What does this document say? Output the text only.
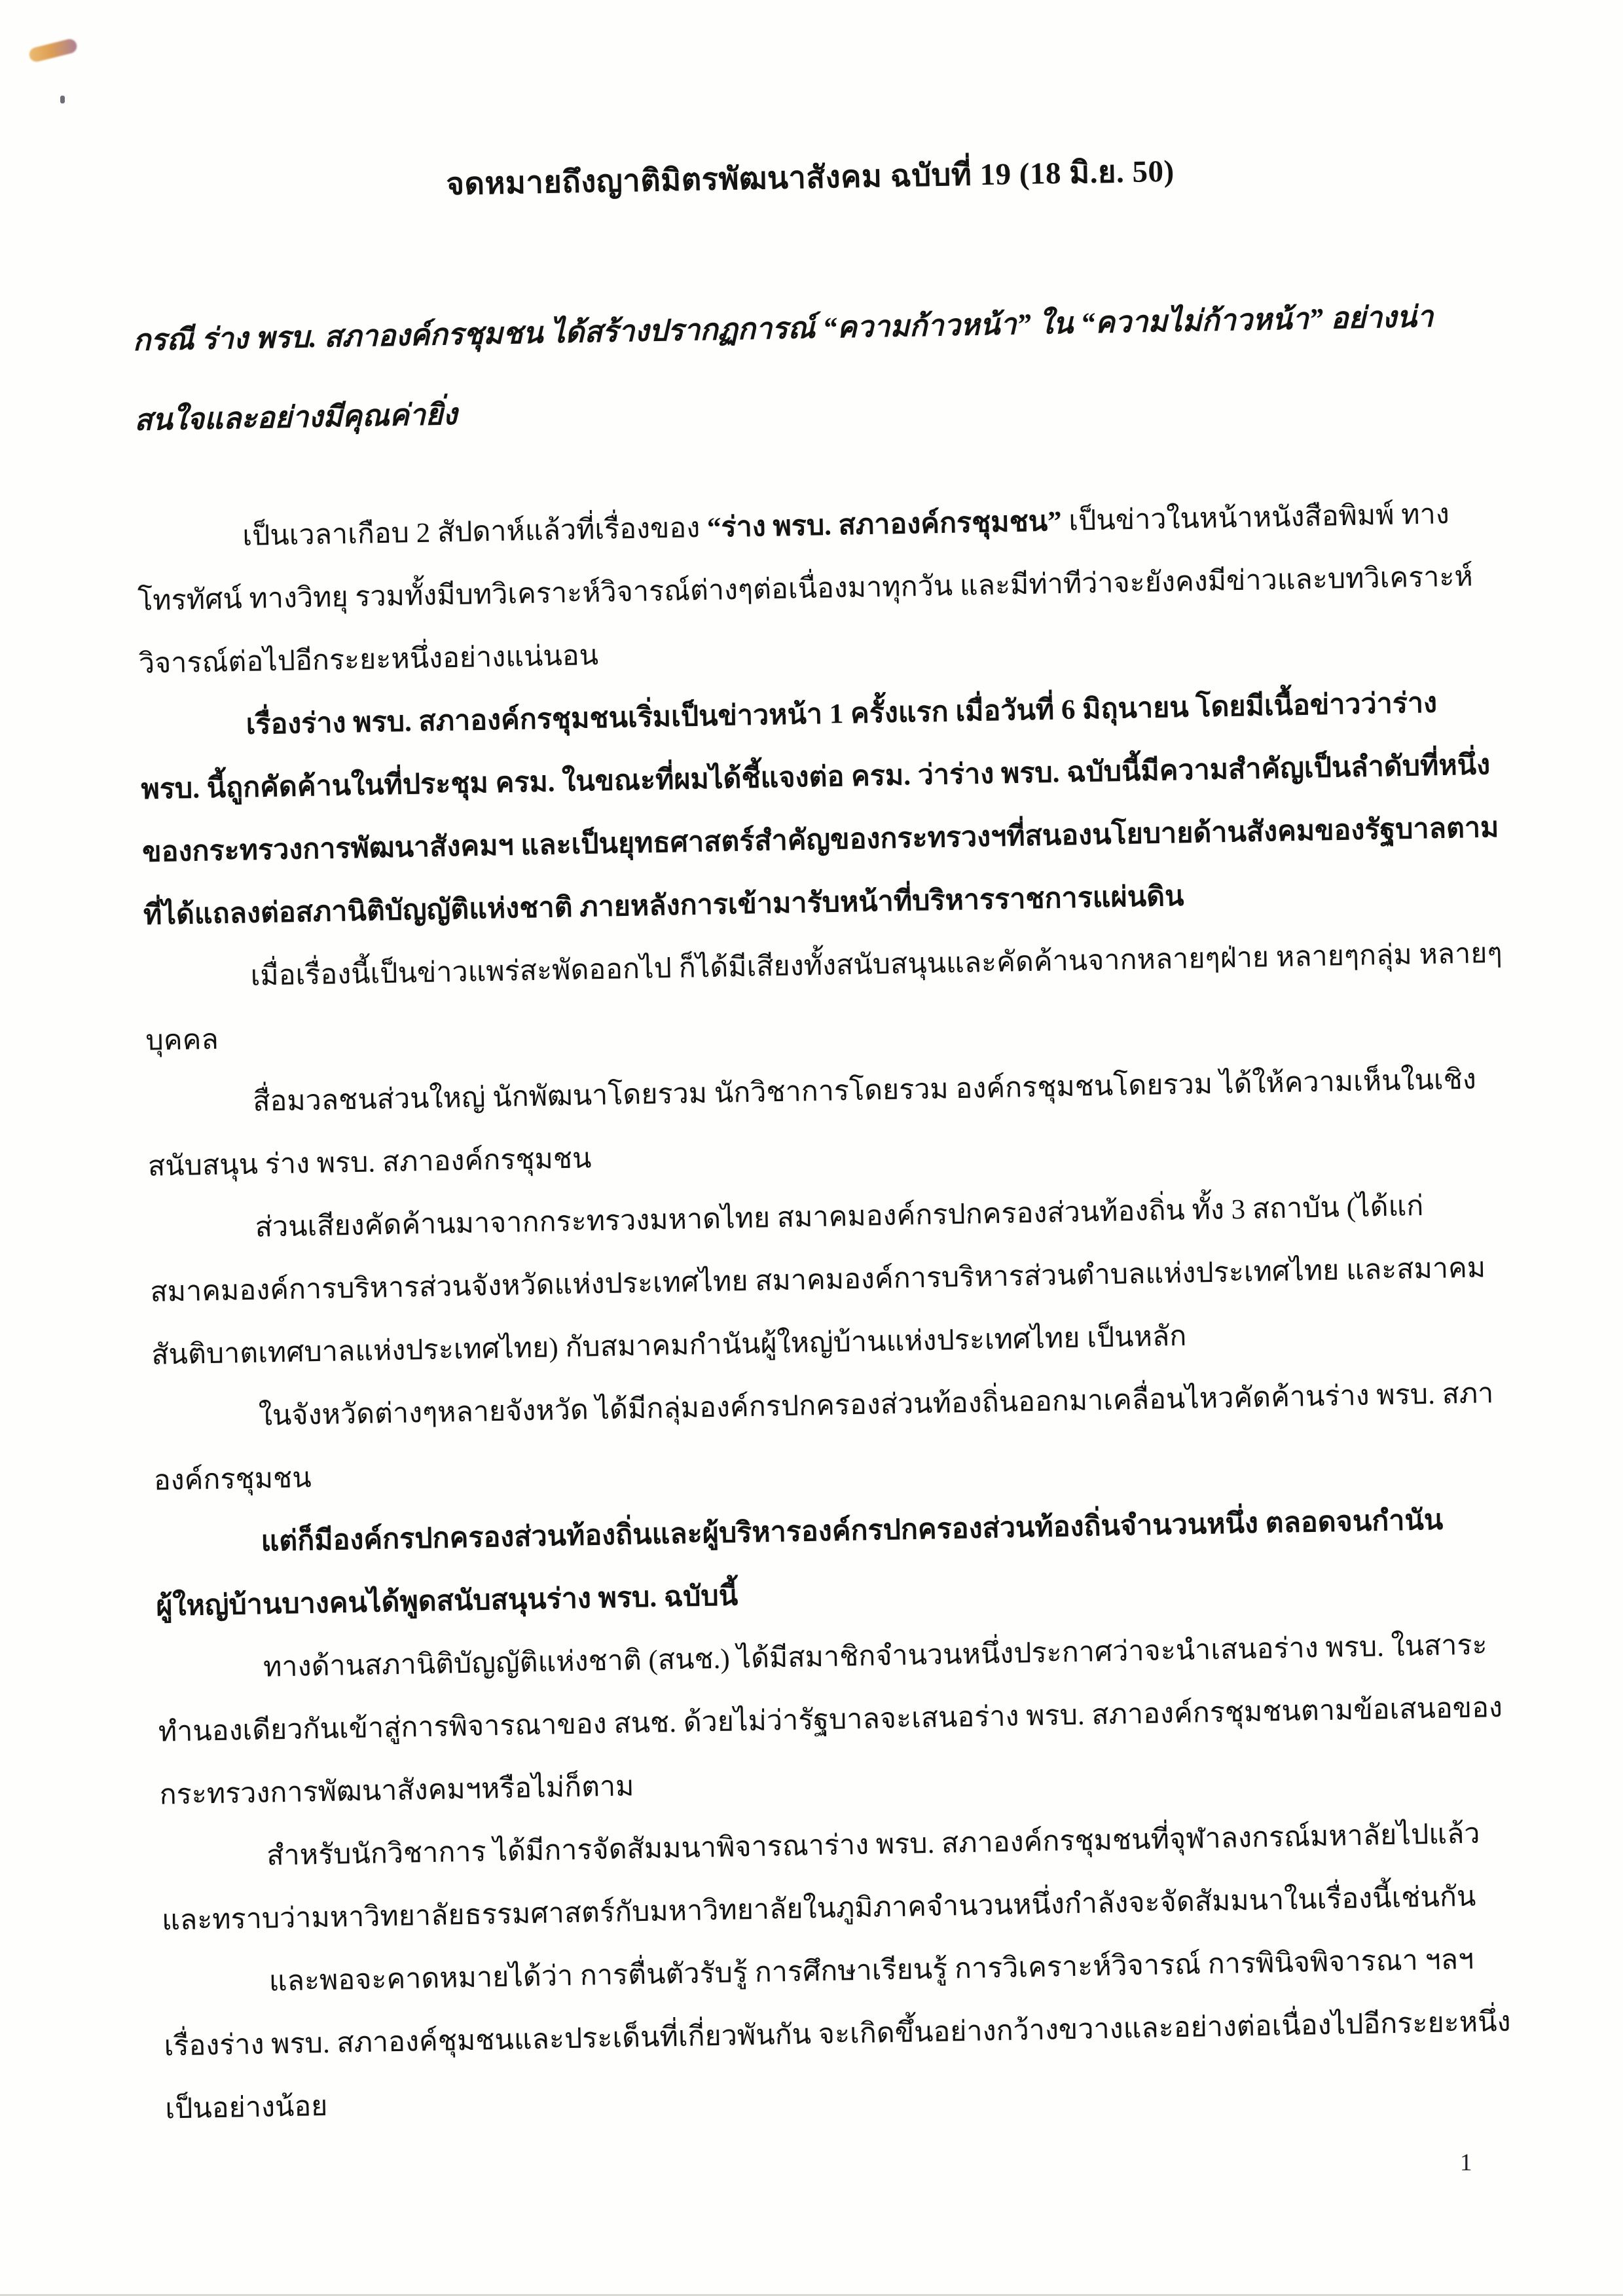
จดหมายถึงญาติมิตรพัฒนาสังคม ฉบับที่ 19 (18 มิ.ย. 50)

กรณี ร่าง พรบ. สภาองค์กรชุมชน ได้สร้างปรากฏการณ์ “ความก้าวหน้า” ใน “ความไม่ก้าวหน้า” อย่างน่าสนใจและอย่างมีคุณค่ายิ่ง

เป็นเวลาเกือบ 2 สัปดาห์แล้วที่เรื่องของ “ร่าง พรบ. สภาองค์กรชุมชน” เป็นข่าวในหน้าหนังสือพิมพ์ ทางโทรทัศน์ ทางวิทยุ รวมทั้งมีบทวิเคราะห์วิจารณ์ต่างๆต่อเนื่องมาทุกวัน และมีท่าทีว่าจะยังคงมีข่าวและบทวิเคราะห์วิจารณ์ต่อไปอีกระยะหนึ่งอย่างแน่นอน

เรื่องร่าง พรบ. สภาองค์กรชุมชนเริ่มเป็นข่าวหน้า 1 ครั้งแรก เมื่อวันที่ 6 มิถุนายน โดยมีเนื้อข่าวว่าร่าง พรบ. นี้ถูกคัดค้านในที่ประชุม ครม. ในขณะที่ผมได้ชี้แจงต่อ ครม. ว่าร่าง พรบ. ฉบับนี้มีความสำคัญเป็นลำดับที่หนึ่งของกระทรวงการพัฒนาสังคมฯ และเป็นยุทธศาสตร์สำคัญของกระทรวงฯที่สนองนโยบายด้านสังคมของรัฐบาลตามที่ได้แถลงต่อสภานิติบัญญัติแห่งชาติ ภายหลังการเข้ามารับหน้าที่บริหารราชการแผ่นดิน

เมื่อเรื่องนี้เป็นข่าวแพร่สะพัดออกไป ก็ได้มีเสียงทั้งสนับสนุนและคัดค้านจากหลายๆฝ่าย หลายๆกลุ่ม หลายๆบุคคล

สื่อมวลชนส่วนใหญ่ นักพัฒนาโดยรวม นักวิชาการโดยรวม องค์กรชุมชนโดยรวม ได้ให้ความเห็นในเชิงสนับสนุน ร่าง พรบ. สภาองค์กรชุมชน

ส่วนเสียงคัดค้านมาจากกระทรวงมหาดไทย สมาคมองค์กรปกครองส่วนท้องถิ่น ทั้ง 3 สถาบัน (ได้แก่ สมาคมองค์การบริหารส่วนจังหวัดแห่งประเทศไทย สมาคมองค์การบริหารส่วนตำบลแห่งประเทศไทย และสมาคมสันติบาตเทศบาลแห่งประเทศไทย) กับสมาคมกำนันผู้ใหญ่บ้านแห่งประเทศไทย เป็นหลัก

ในจังหวัดต่างๆหลายจังหวัด ได้มีกลุ่มองค์กรปกครองส่วนท้องถิ่นออกมาเคลื่อนไหวคัดค้านร่าง พรบ. สภาองค์กรชุมชน

แต่ก็มีองค์กรปกครองส่วนท้องถิ่นและผู้บริหารองค์กรปกครองส่วนท้องถิ่นจำนวนหนึ่ง ตลอดจนกำนันผู้ใหญ่บ้านบางคนได้พูดสนับสนุนร่าง พรบ. ฉบับนี้

ทางด้านสภานิติบัญญัติแห่งชาติ (สนช.) ได้มีสมาชิกจำนวนหนึ่งประกาศว่าจะนำเสนอร่าง พรบ. ในสาระทำนองเดียวกันเข้าสู่การพิจารณาของ สนช. ด้วยไม่ว่ารัฐบาลจะเสนอร่าง พรบ. สภาองค์กรชุมชนตามข้อเสนอของกระทรวงการพัฒนาสังคมฯหรือไม่ก็ตาม

สำหรับนักวิชาการ ได้มีการจัดสัมมนาพิจารณาร่าง พรบ. สภาองค์กรชุมชนที่จุฬาลงกรณ์มหาลัยไปแล้ว และทราบว่ามหาวิทยาลัยธรรมศาสตร์กับมหาวิทยาลัยในภูมิภาคจำนวนหนึ่งกำลังจะจัดสัมมนาในเรื่องนี้เช่นกัน

และพอจะคาดหมายได้ว่า การตื่นตัวรับรู้ การศึกษาเรียนรู้ การวิเคราะห์วิจารณ์ การพินิจพิจารณา ฯลฯ เรื่องร่าง พรบ. สภาองค์ชุมชนและประเด็นที่เกี่ยวพันกัน จะเกิดขึ้นอย่างกว้างขวางและอย่างต่อเนื่องไปอีกระยะหนึ่งเป็นอย่างน้อย

1
